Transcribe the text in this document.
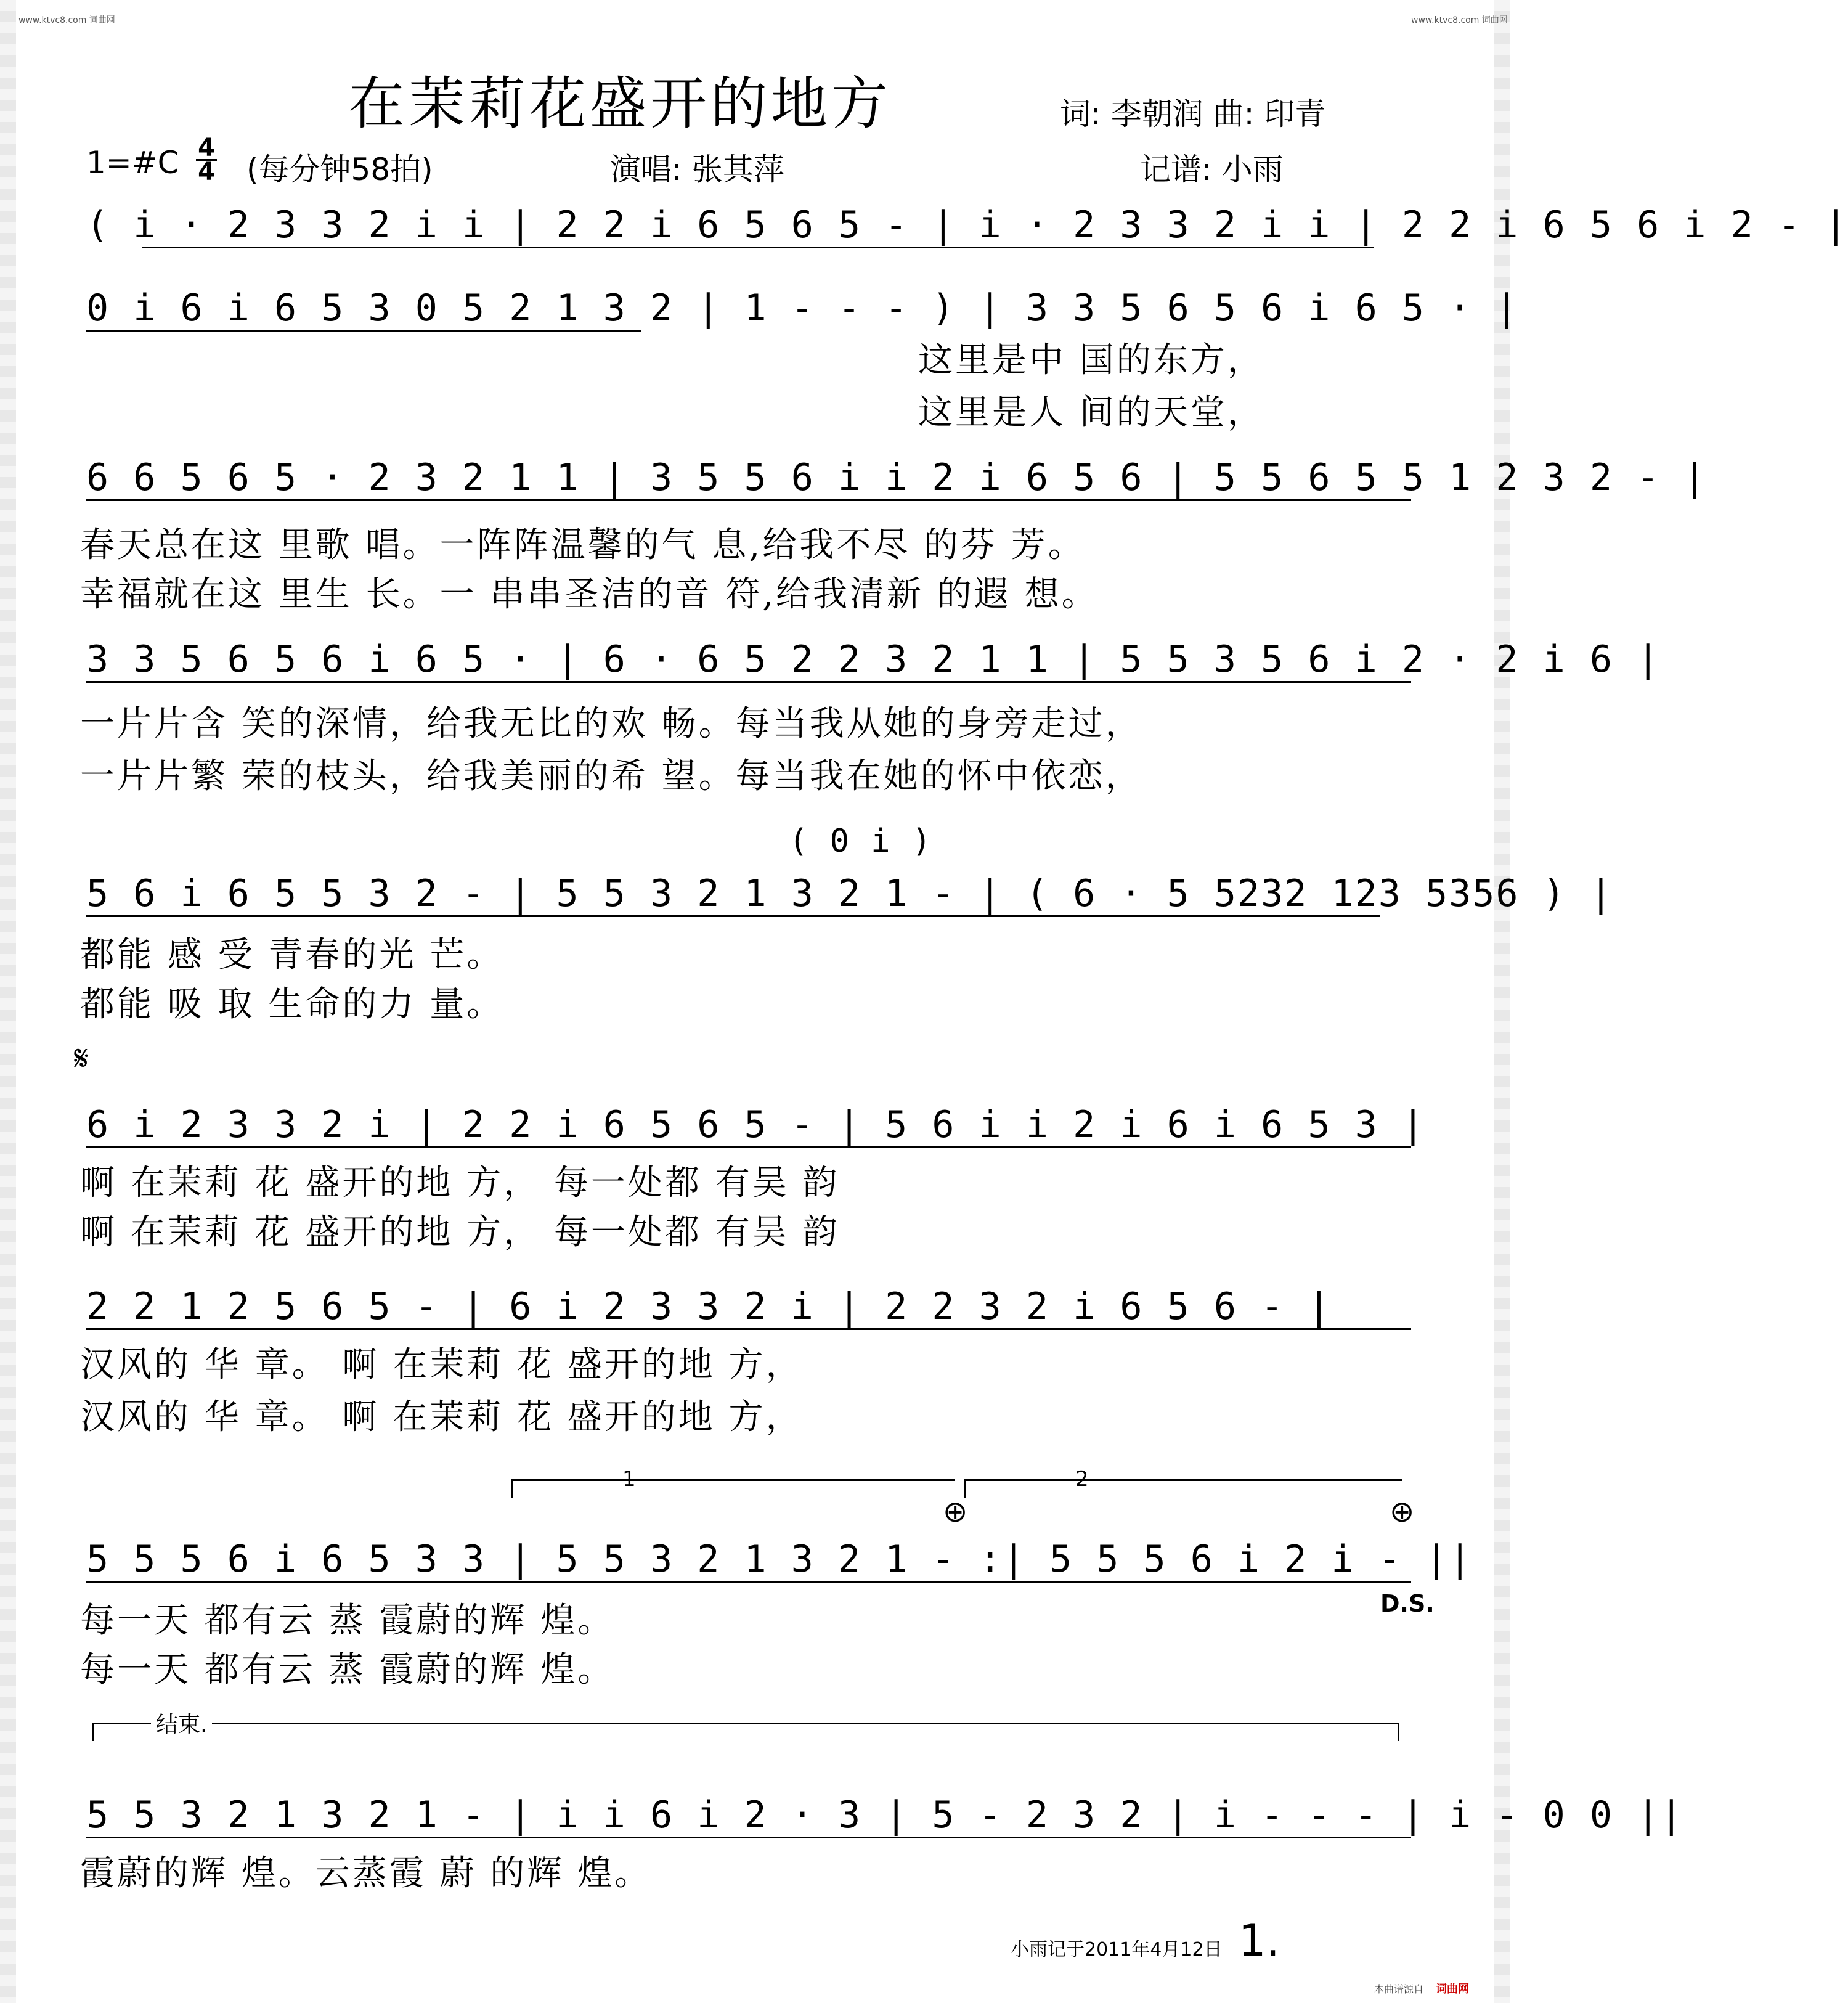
www.ktvc8.com 词曲网	www.ktvc8.com 词曲网
在茉莉花盛开的地方	词: 李朝润 曲: 印青
1=#C 4
4 (每分钟58拍)	演唱: 张其萍	记谱: 小雨
( i · 2 3 3 2 i i | 2 2 i 6 5 6 5 - | i · 2 3 3 2 i i | 2 2 i 6 5 6 i 2 - |
0 i 6 i 6 5 3 0 5 2 1 3 2 | 1 - - - ) | 3 3 5 6 5 6 i 6 5 · |
这里是中 国的东方，
这里是人 间的天堂，
6 6 5 6 5 · 2 3 2 1 1 | 3 5 5 6 i i 2 i 6 5 6 | 5 5 6 5 5 1 2 3 2 - |
春天总在这 里歌 唱。一阵阵温馨的气 息,给我不尽 的芬 芳。
幸福就在这 里生 长。一 串串圣洁的音 符,给我清新 的遐 想。
3 3 5 6 5 6 i 6 5 · | 6 · 6 5 2 2 3 2 1 1 | 5 5 3 5 6 i 2 · 2 i 6 |
一片片含 笑的深情，给我无比的欢 畅。每当我从她的身旁走过，
一片片繁 荣的枝头，给我美丽的希 望。每当我在她的怀中依恋，
( 0 i )
5 6 i 6 5 5 3 2 - | 5 5 3 2 1 3 2 1 - | ( 6 · 5 5232 123 5356 ) |
都能 感 受 青春的光 芒。
都能 吸 取 生命的力 量。
𝄋
6 i 2 3 3 2 i | 2 2 i 6 5 6 5 - | 5 6 i i 2 i 6 i 6 5 3 |
啊 在茉莉 花 盛开的地 方， 每一处都 有吴 韵
啊 在茉莉 花 盛开的地 方， 每一处都 有吴 韵
2 2 1 2 5 6 5 - | 6 i 2 3 3 2 i | 2 2 3 2 i 6 5 6 - |
汉风的 华 章。 啊 在茉莉 花 盛开的地 方，
汉风的 华 章。 啊 在茉莉 花 盛开的地 方，
1	2
⊕	⊕
5 5 5 6 i 6 5 3 3 | 5 5 3 2 1 3 2 1 - :| 5 5 5 6 i 2 i - ||
D.S.
每一天 都有云 蒸 霞蔚的辉 煌。
每一天 都有云 蒸 霞蔚的辉 煌。
结束.
5 5 3 2 1 3 2 1 - | i i 6 i 2 · 3 | 5 - 2 3 2 | i - - - | i - 0 0 ||
霞蔚的辉 煌。云蒸霞 蔚 的辉 煌。
小雨记于2011年4月12日 1.
本曲谱源自 词曲网
